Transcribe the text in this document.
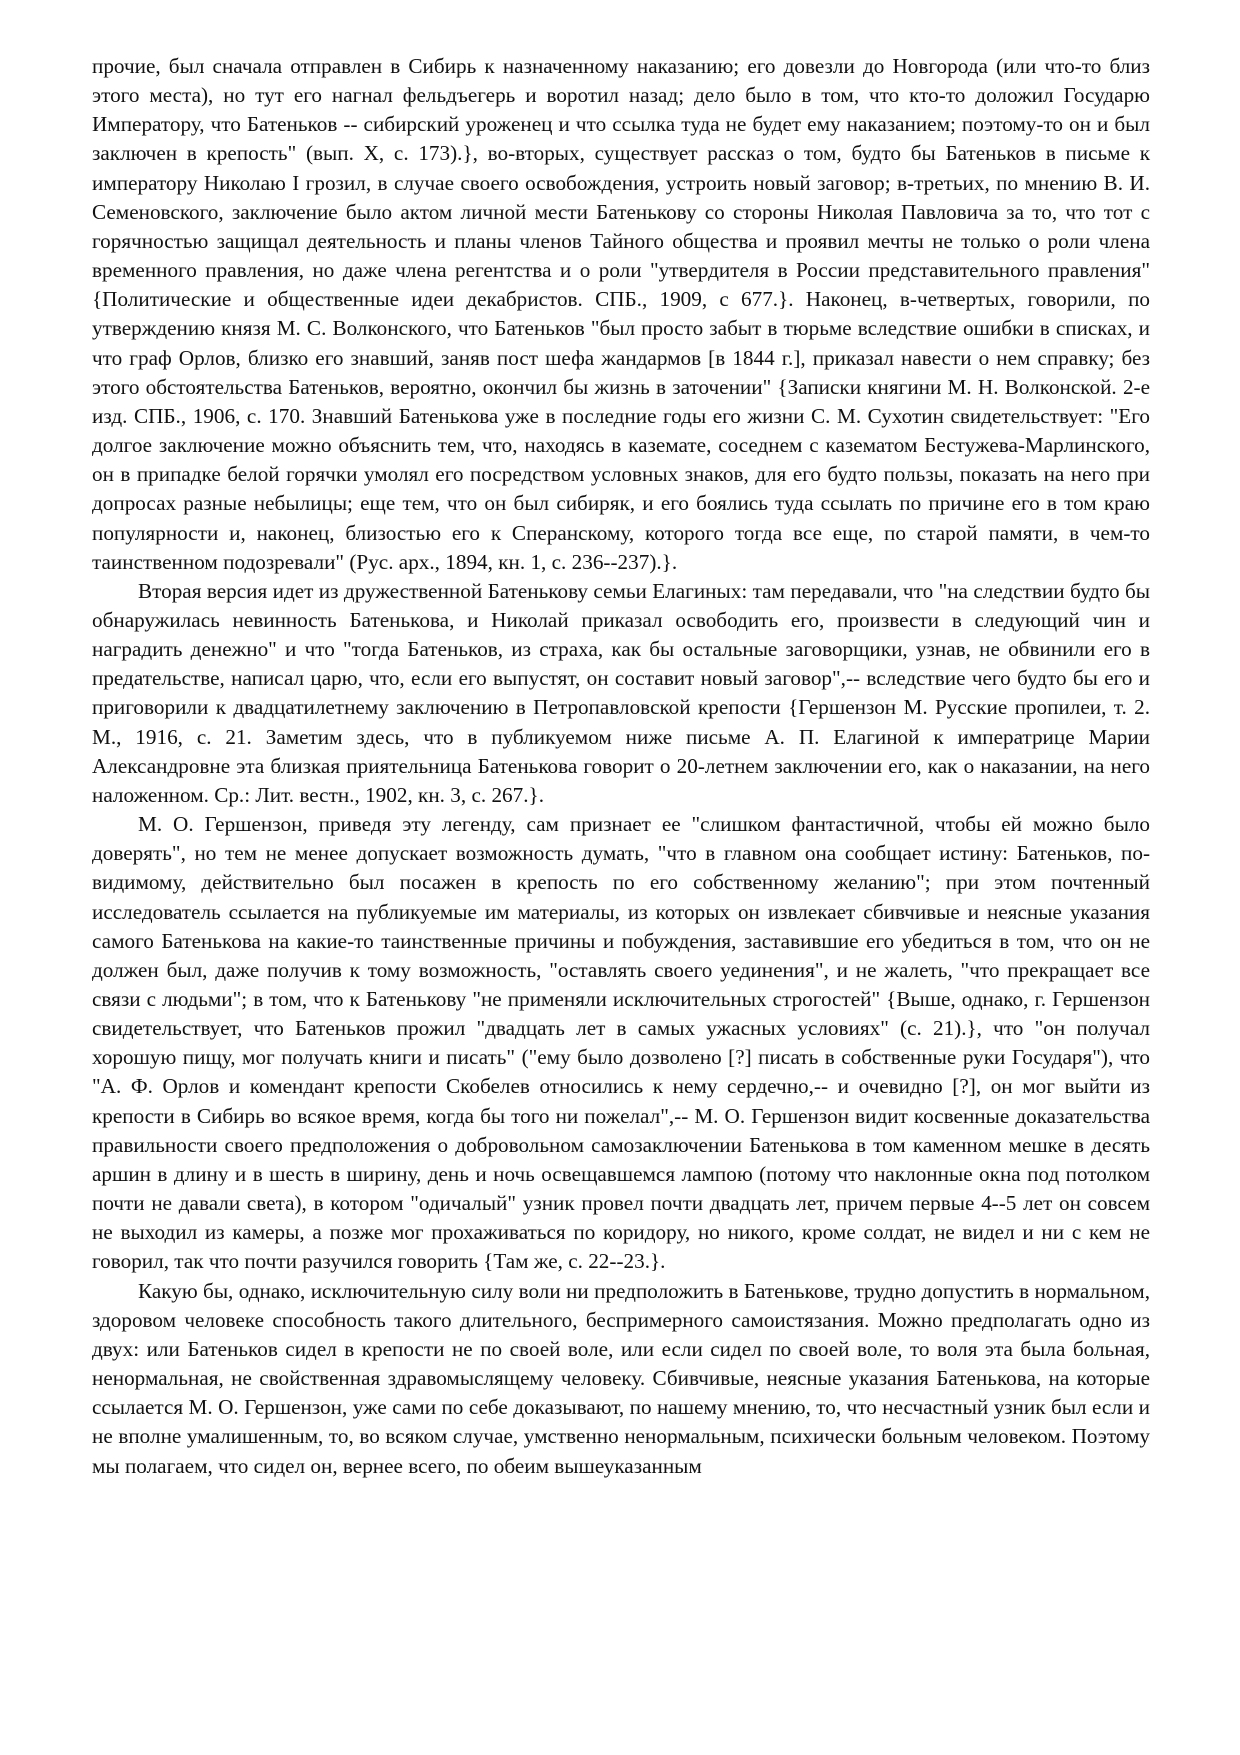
прочие, был сначала отправлен в Сибирь к назначенному наказанию; его довезли до Новгорода (или что-то близ этого места), но тут его нагнал фельдъегерь и воротил назад; дело было в том, что кто-то доложил Государю Императору, что Батеньков -- сибирский уроженец и что ссылка туда не будет ему наказанием; поэтому-то он и был заключен в крепость" (вып. X, с. 173).}, во-вторых, существует рассказ о том, будто бы Батеньков в письме к императору Николаю I грозил, в случае своего освобождения, устроить новый заговор; в-третьих, по мнению В. И. Семеновского, заключение было актом личной мести Батенькову со стороны Николая Павловича за то, что тот с горячностью защищал деятельность и планы членов Тайного общества и проявил мечты не только о роли члена временного правления, но даже члена регентства и о роли "утвердителя в России представительного правления" {Политические и общественные идеи декабристов. СПБ., 1909, с 677.}. Наконец, в-четвертых, говорили, по утверждению князя М. С. Волконского, что Батеньков "был просто забыт в тюрьме вследствие ошибки в списках, и что граф Орлов, близко его знавший, заняв пост шефа жандармов [в 1844 г.], приказал навести о нем справку; без этого обстоятельства Батеньков, вероятно, окончил бы жизнь в заточении" {Записки княгини М. Н. Волконской. 2-е изд. СПБ., 1906, с. 170. Знавший Батенькова уже в последние годы его жизни С. М. Сухотин свидетельствует: "Его долгое заключение можно объяснить тем, что, находясь в каземате, соседнем с казематом Бестужева-Марлинского, он в припадке белой горячки умолял его посредством условных знаков, для его будто пользы, показать на него при допросах разные небылицы; еще тем, что он был сибиряк, и его боялись туда ссылать по причине его в том краю популярности и, наконец, близостью его к Сперанскому, которого тогда все еще, по старой памяти, в чем-то таинственном подозревали" (Рус. арх., 1894, кн. 1, с. 236--237).}.

Вторая версия идет из дружественной Батенькову семьи Елагиных: там передавали, что "на следствии будто бы обнаружилась невинность Батенькова, и Николай приказал освободить его, произвести в следующий чин и наградить денежно" и что "тогда Батеньков, из страха, как бы остальные заговорщики, узнав, не обвинили его в предательстве, написал царю, что, если его выпустят, он составит новый заговор",-- вследствие чего будто бы его и приговорили к двадцатилетнему заключению в Петропавловской крепости {Гершензон М. Русские пропилеи, т. 2. М., 1916, с. 21. Заметим здесь, что в публикуемом ниже письме А. П. Елагиной к императрице Марии Александровне эта близкая приятельница Батенькова говорит о 20-летнем заключении его, как о наказании, на него наложенном. Ср.: Лит. вестн., 1902, кн. 3, с. 267.}.

М. О. Гершензон, приведя эту легенду, сам признает ее "слишком фантастичной, чтобы ей можно было доверять", но тем не менее допускает возможность думать, "что в главном она сообщает истину: Батеньков, по-видимому, действительно был посажен в крепость по его собственному желанию"; при этом почтенный исследователь ссылается на публикуемые им материалы, из которых он извлекает сбивчивые и неясные указания самого Батенькова на какие-то таинственные причины и побуждения, заставившие его убедиться в том, что он не должен был, даже получив к тому возможность, "оставлять своего уединения", и не жалеть, "что прекращает все связи с людьми"; в том, что к Батенькову "не применяли исключительных строгостей" {Выше, однако, г. Гершензон свидетельствует, что Батеньков прожил "двадцать лет в самых ужасных условиях" (с. 21).}, что "он получал хорошую пищу, мог получать книги и писать" ("ему было дозволено [?] писать в собственные руки Государя"), что "А. Ф. Орлов и комендант крепости Скобелев относились к нему сердечно,-- и очевидно [?], он мог выйти из крепости в Сибирь во всякое время, когда бы того ни пожелал",-- М. О. Гершензон видит косвенные доказательства правильности своего предположения о добровольном самозаключении Батенькова в том каменном мешке в десять аршин в длину и в шесть в ширину, день и ночь освещавшемся лампою (потому что наклонные окна под потолком почти не давали света), в котором "одичалый" узник провел почти двадцать лет, причем первые 4--5 лет он совсем не выходил из камеры, а позже мог прохаживаться по коридору, но никого, кроме солдат, не видел и ни с кем не говорил, так что почти разучился говорить {Там же, с. 22--23.}.

Какую бы, однако, исключительную силу воли ни предположить в Батенькове, трудно допустить в нормальном, здоровом человеке способность такого длительного, беспримерного самоистязания. Можно предполагать одно из двух: или Батеньков сидел в крепости не по своей воле, или если сидел по своей воле, то воля эта была больная, ненормальная, не свойственная здравомыслящему человеку. Сбивчивые, неясные указания Батенькова, на которые ссылается М. О. Гершензон, уже сами по себе доказывают, по нашему мнению, то, что несчастный узник был если и не вполне умалишенным, то, во всяком случае, умственно ненормальным, психически больным человеком. Поэтому мы полагаем, что сидел он, вернее всего, по обеим вышеуказанным
